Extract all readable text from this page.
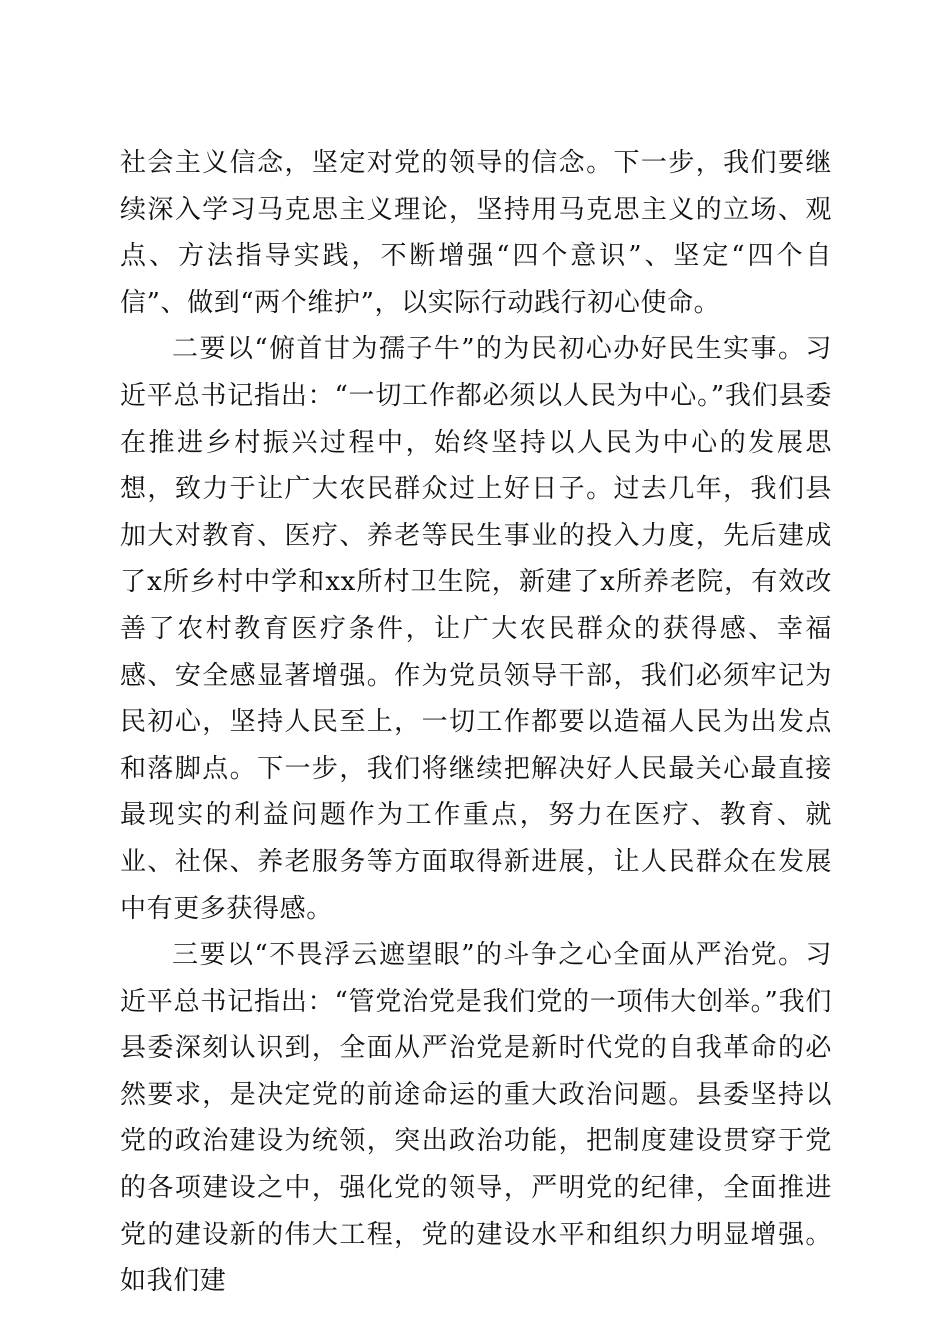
社会主义信念，坚定对党的领导的信念。下一步，我们要继续深入学习马克思主义理论，坚持用马克思主义的立场、观点、方法指导实践，不断增强“四个意识”、坚定“四个自信”、做到“两个维护”，以实际行动践行初心使命。

二要以“俯首甘为孺子牛”的为民初心办好民生实事。习近平总书记指出：“一切工作都必须以人民为中心。”我们县委在推进乡村振兴过程中，始终坚持以人民为中心的发展思想，致力于让广大农民群众过上好日子。过去几年，我们县加大对教育、医疗、养老等民生事业的投入力度，先后建成了x所乡村中学和xx所村卫生院，新建了x所养老院，有效改善了农村教育医疗条件，让广大农民群众的获得感、幸福感、安全感显著增强。作为党员领导干部，我们必须牢记为民初心，坚持人民至上，一切工作都要以造福人民为出发点和落脚点。下一步，我们将继续把解决好人民最关心最直接最现实的利益问题作为工作重点，努力在医疗、教育、就业、社保、养老服务等方面取得新进展，让人民群众在发展中有更多获得感。

三要以“不畏浮云遮望眼”的斗争之心全面从严治党。习近平总书记指出：“管党治党是我们党的一项伟大创举。”我们县委深刻认识到，全面从严治党是新时代党的自我革命的必然要求，是决定党的前途命运的重大政治问题。县委坚持以党的政治建设为统领，突出政治功能，把制度建设贯穿于党的各项建设之中，强化党的领导，严明党的纪律，全面推进党的建设新的伟大工程，党的建设水平和组织力明显增强。如我们建
